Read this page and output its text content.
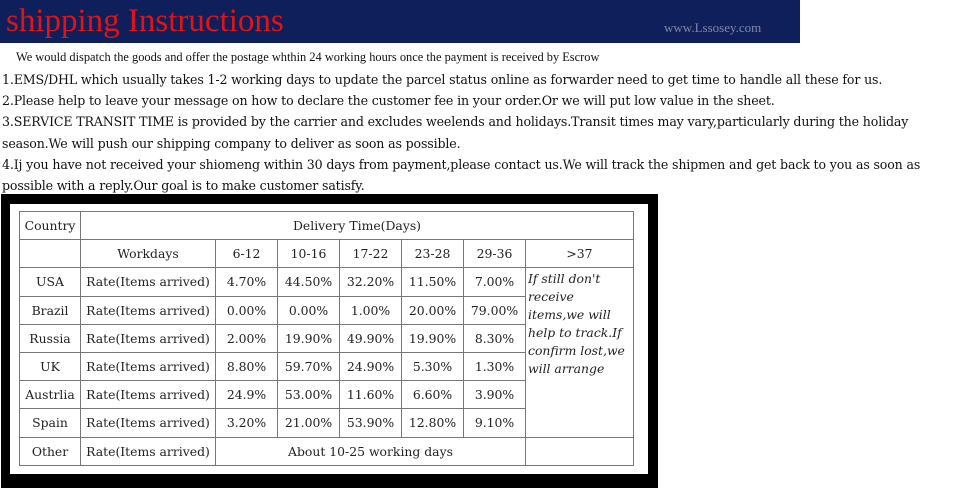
shipping Instructions	www.Lssosey.com
We would dispatch the goods and offer the postage whthin 24 working hours once the payment is received by Escrow

1.EMS/DHL which usually takes 1-2 working days to update the parcel status online as forwarder need to get time to handle all these for us.

2.Please help to leave your message on how to declare the customer fee in your order.Or we will put low value in the sheet.

3.SERVICE TRANSIT TIME is provided by the carrier and excludes weelends and holidays.Transit times may vary,particularly during the holiday season.We will push our shipping company to deliver as soon as possible.

4.Ij you have not received your shiomeng within 30 days from payment,please contact us.We will track the shipmen and get back to you as soon as possible with a reply.Our goal is to make customer satisfy.

Country	Delivery Time(Days)						
	Workdays	6-12	10-16	17-22	23-28	29-36	>37
USA	Rate(Items arrived)	4.70%	44.50%	32.20%	11.50%	7.00%	If still don't receive items,we will help to track.If confirm lost,we will arrange
Brazil	Rate(Items arrived)	0.00%	0.00%	1.00%	20.00%	79.00%	
Russia	Rate(Items arrived)	2.00%	19.90%	49.90%	19.90%	8.30%	
UK	Rate(Items arrived)	8.80%	59.70%	24.90%	5.30%	1.30%	
Austrlia	Rate(Items arrived)	24.9%	53.00%	11.60%	6.60%	3.90%	
Spain	Rate(Items arrived)	3.20%	21.00%	53.90%	12.80%	9.10%	
Other	Rate(Items arrived)	About 10-25 working days					
